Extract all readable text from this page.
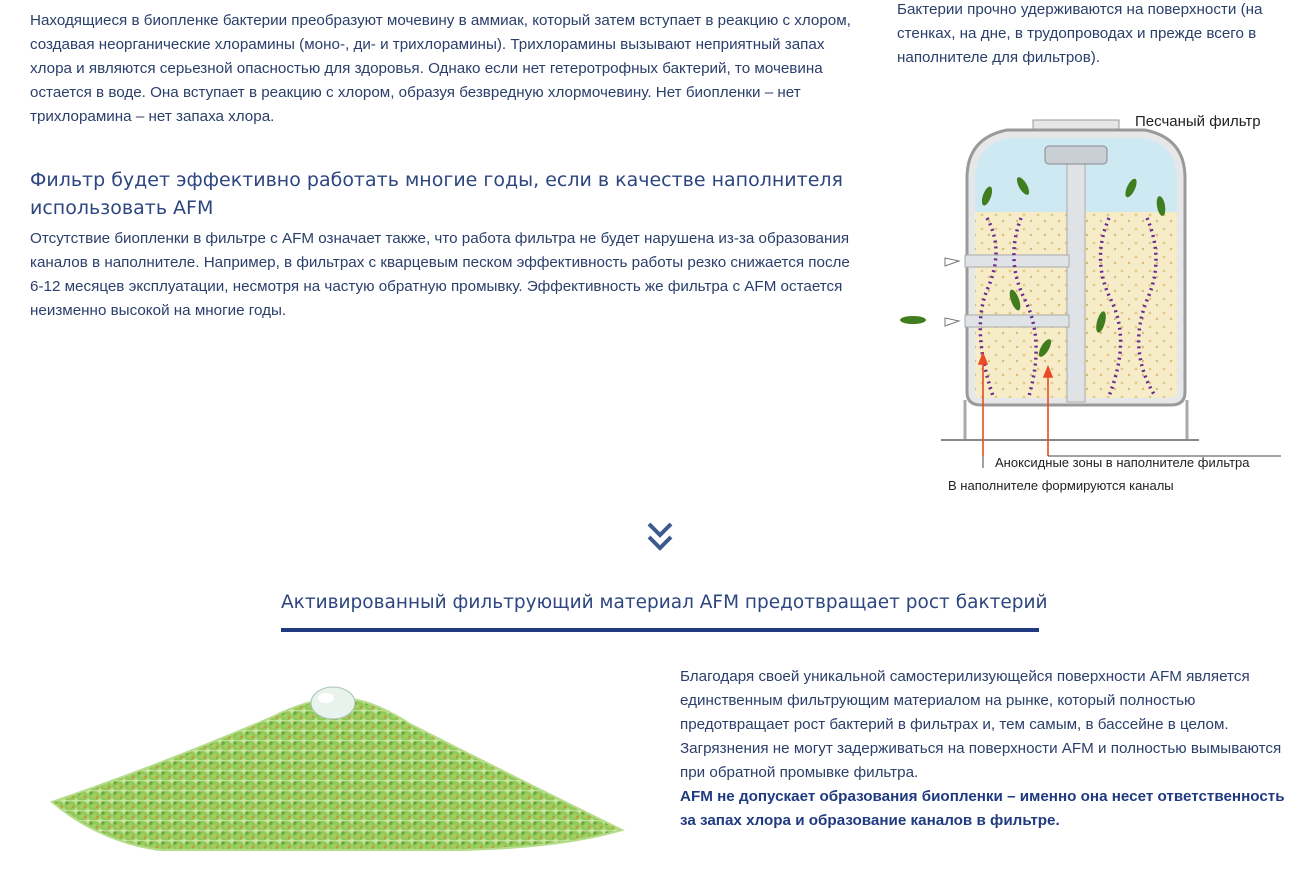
Находящиеся в биопленке бактерии преобразуют мочевину в аммиак, который затем вступает в реакцию с хлором, создавая неорганические хлорамины (моно-, ди- и трихлорамины). Трихлорамины вызывают неприятный запах хлора и являются серьезной опасностью для здоровья. Однако если нет гетеротрофных бактерий, то мочевина остается в воде. Она вступает в реакцию с хлором, образуя безвредную хлормочевину. Нет биопленки – нет трихлорамина – нет запаха хлора.

Фильтр будет эффективно работать многие годы, если в качестве наполнителя использовать AFM

Отсутствие биопленки в фильтре с AFM означает также, что работа фильтра не будет нарушена из-за образования каналов в наполнителе. Например, в фильтрах с кварцевым песком эффективность работы резко снижается после 6-12 месяцев эксплуатации, несмотря на частую обратную промывку. Эффективность же фильтра с AFM остается неизменно высокой на многие годы.

Бактерии прочно удерживаются на поверхности (на стенках, на дне, в трудопроводах и прежде всего в наполнителе для фильтров).

Песчаный фильтр
Аноксидные зоны в наполнителе фильтра
В наполнителе формируются каналы
Активированный фильтрующий материал AFM предотвращает рост бактерий
Благодаря своей уникальной самостерилизующейся поверхности AFM является единственным фильтрующим материалом на рынке, который полностью предотвращает рост бактерий в фильтрах и, тем самым, в бассейне в целом. Загрязнения не могут задерживаться на поверхности AFM и полностью вымываются при обратной промывке фильтра.
AFM не допускает образования биопленки – именно она несет ответственность за запах хлора и образование каналов в фильтре.
